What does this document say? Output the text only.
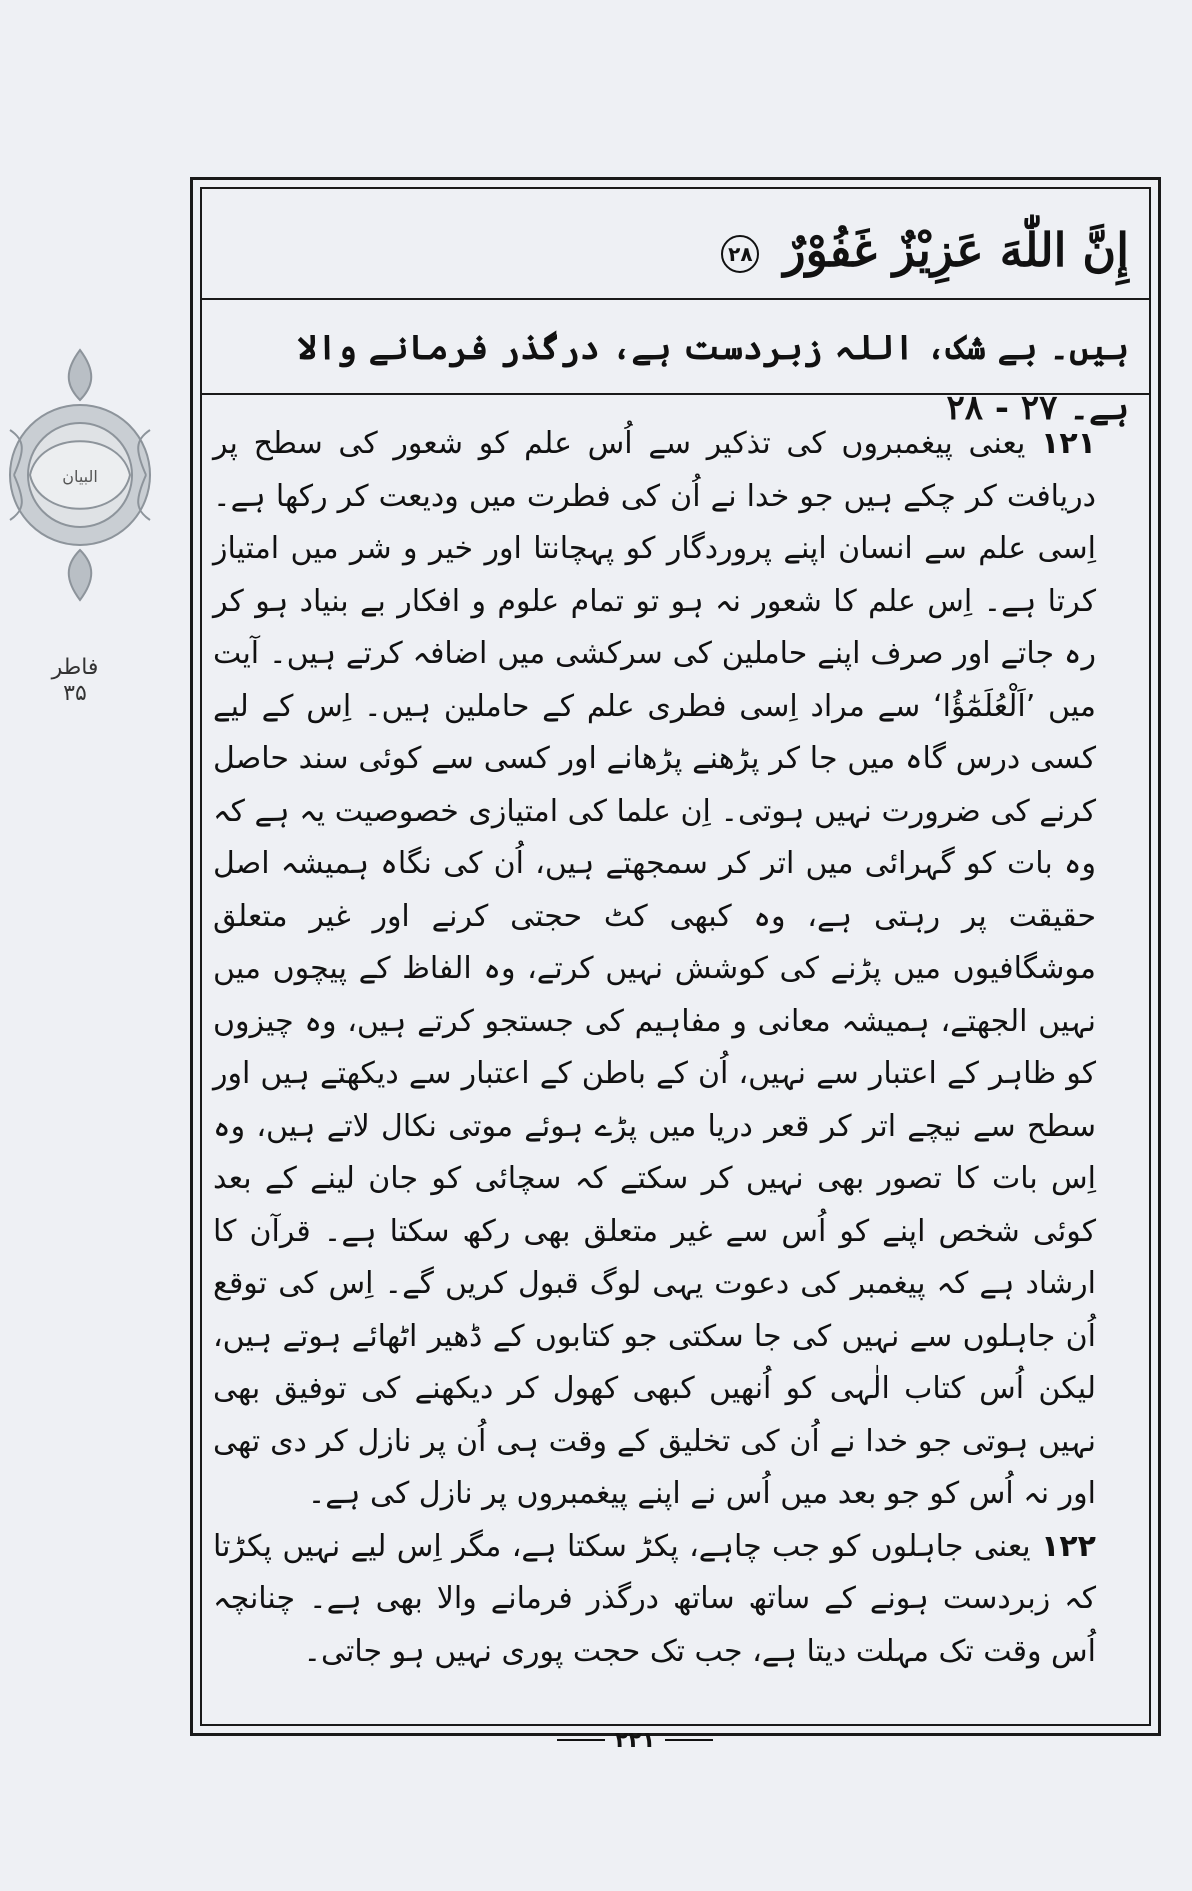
البیان
فاطر
۳۵
إِنَّ اللّٰهَ عَزِيْزٌ غَفُوْرٌ ۲۸
ہیں۔ بے شک، اللہ زبردست ہے، درگذر فرمانے والا ہے۔ ۲۷ - ۲۸

۱۲۱ یعنی پیغمبروں کی تذکیر سے اُس علم کو شعور کی سطح پر دریافت کر چکے ہیں جو خدا نے اُن کی فطرت میں ودیعت کر رکھا ہے۔ اِسی علم سے انسان اپنے پروردگار کو پہچانتا اور خیر و شر میں امتیاز کرتا ہے۔ اِس علم کا شعور نہ ہو تو تمام علوم و افکار بے بنیاد ہو کر رہ جاتے اور صرف اپنے حاملین کی سرکشی میں اضافہ کرتے ہیں۔ آیت میں ’اَلْعُلَمٰٓؤُا‘ سے مراد اِسی فطری علم کے حاملین ہیں۔ اِس کے لیے کسی درس گاہ میں جا کر پڑھنے پڑھانے اور کسی سے کوئی سند حاصل کرنے کی ضرورت نہیں ہوتی۔ اِن علما کی امتیازی خصوصیت یہ ہے کہ وہ بات کو گہرائی میں اتر کر سمجھتے ہیں، اُن کی نگاہ ہمیشہ اصل حقیقت پر رہتی ہے، وہ کبھی کٹ حجتی کرنے اور غیر متعلق موشگافیوں میں پڑنے کی کوشش نہیں کرتے، وہ الفاظ کے پیچوں میں نہیں الجھتے، ہمیشہ معانی و مفاہیم کی جستجو کرتے ہیں، وہ چیزوں کو ظاہر کے اعتبار سے نہیں، اُن کے باطن کے اعتبار سے دیکھتے ہیں اور سطح سے نیچے اتر کر قعر دریا میں پڑے ہوئے موتی نکال لاتے ہیں، وہ اِس بات کا تصور بھی نہیں کر سکتے کہ سچائی کو جان لینے کے بعد کوئی شخص اپنے کو اُس سے غیر متعلق بھی رکھ سکتا ہے۔ قرآن کا ارشاد ہے کہ پیغمبر کی دعوت یہی لوگ قبول کریں گے۔ اِس کی توقع اُن جاہلوں سے نہیں کی جا سکتی جو کتابوں کے ڈھیر اٹھائے ہوتے ہیں، لیکن اُس کتاب الٰہی کو اُنھیں کبھی کھول کر دیکھنے کی توفیق بھی نہیں ہوتی جو خدا نے اُن کی تخلیق کے وقت ہی اُن پر نازل کر دی تھی اور نہ اُس کو جو بعد میں اُس نے اپنے پیغمبروں پر نازل کی ہے۔

۱۲۲ یعنی جاہلوں کو جب چاہے، پکڑ سکتا ہے، مگر اِس لیے نہیں پکڑتا کہ زبردست ہونے کے ساتھ ساتھ درگذر فرمانے والا بھی ہے۔ چنانچہ اُس وقت تک مہلت دیتا ہے، جب تک حجت پوری نہیں ہو جاتی۔

۲۲۱
